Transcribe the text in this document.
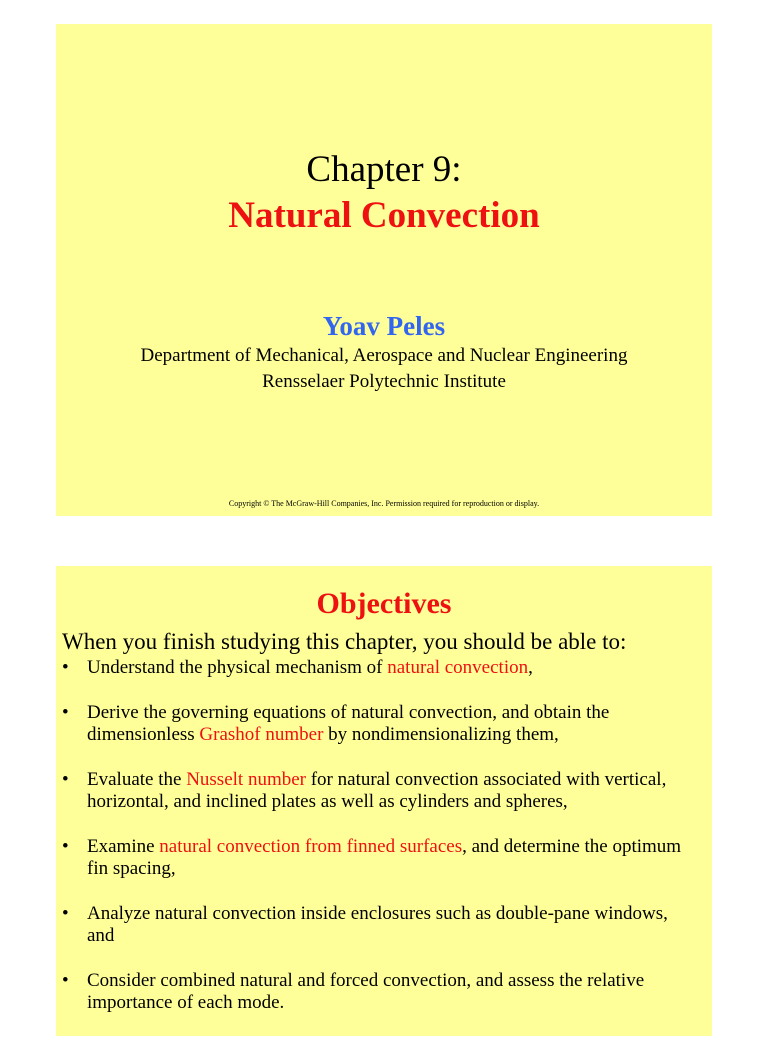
Chapter 9:
Natural Convection
Yoav Peles
Department of Mechanical, Aerospace and Nuclear Engineering
Rensselaer Polytechnic Institute
Copyright © The McGraw-Hill Companies, Inc. Permission required for reproduction or display.
Objectives
When you finish studying this chapter, you should be able to:
• Understand the physical mechanism of natural convection,
• Derive the governing equations of natural convection, and obtain the dimensionless Grashof number by nondimensionalizing them,
• Evaluate the Nusselt number for natural convection associated with vertical, horizontal, and inclined plates as well as cylinders and spheres,
• Examine natural convection from finned surfaces, and determine the optimum fin spacing,
• Analyze natural convection inside enclosures such as double-pane windows, and
• Consider combined natural and forced convection, and assess the relative importance of each mode.
